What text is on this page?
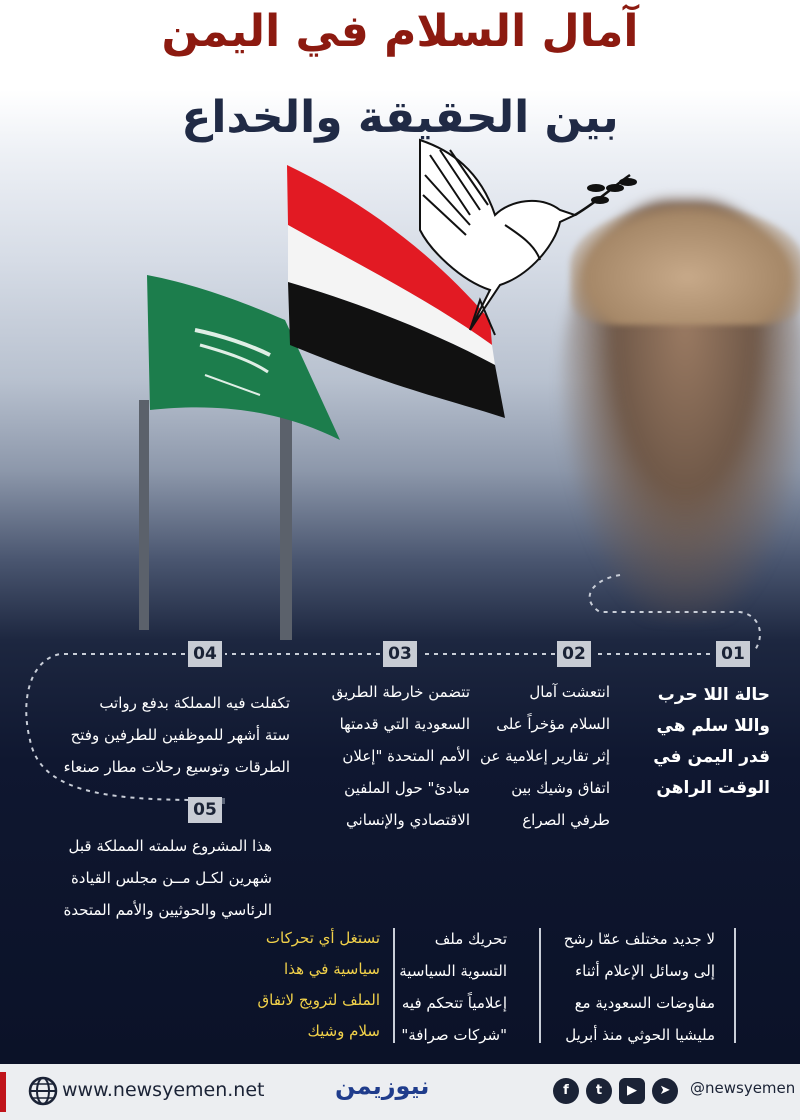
آمال السلام في اليمن
بين الحقيقة والخداع
01
02
03
04
05
حالة اللا حرب
واللا سلم هي
قدر اليمن في
الوقت الراهن
انتعشت آمال
السلام مؤخراً على
إثر تقارير إعلامية عن
اتفاق وشيك بين
طرفي الصراع
تتضمن خارطة الطريق
السعودية التي قدمتها
الأمم المتحدة "إعلان
مبادئ" حول الملفين
الاقتصادي والإنساني
تكفلت فيه المملكة بدفع رواتب
ستة أشهر للموظفين للطرفين وفتح
الطرقات وتوسيع رحلات مطار صنعاء
هذا المشروع سلمته المملكة قبل
شهرين لكـل مــن مجلس القيادة
الرئاسي والحوثيين والأمم المتحدة
لا جديد مختلف عمّا رشح
إلى وسائل الإعلام أثناء
مفاوضات السعودية مع
مليشيا الحوثي منذ أبريل
تحريك ملف
التسوية السياسية
إعلامياً تتحكم فيه
"شركات صرافة"
تستغل أي تحركات
سياسية في هذا
الملف لترويج لاتفاق
سلام وشيك
www.newsyemen.net	نيوزيمن	f	t	▶	➤	@newsyemen
